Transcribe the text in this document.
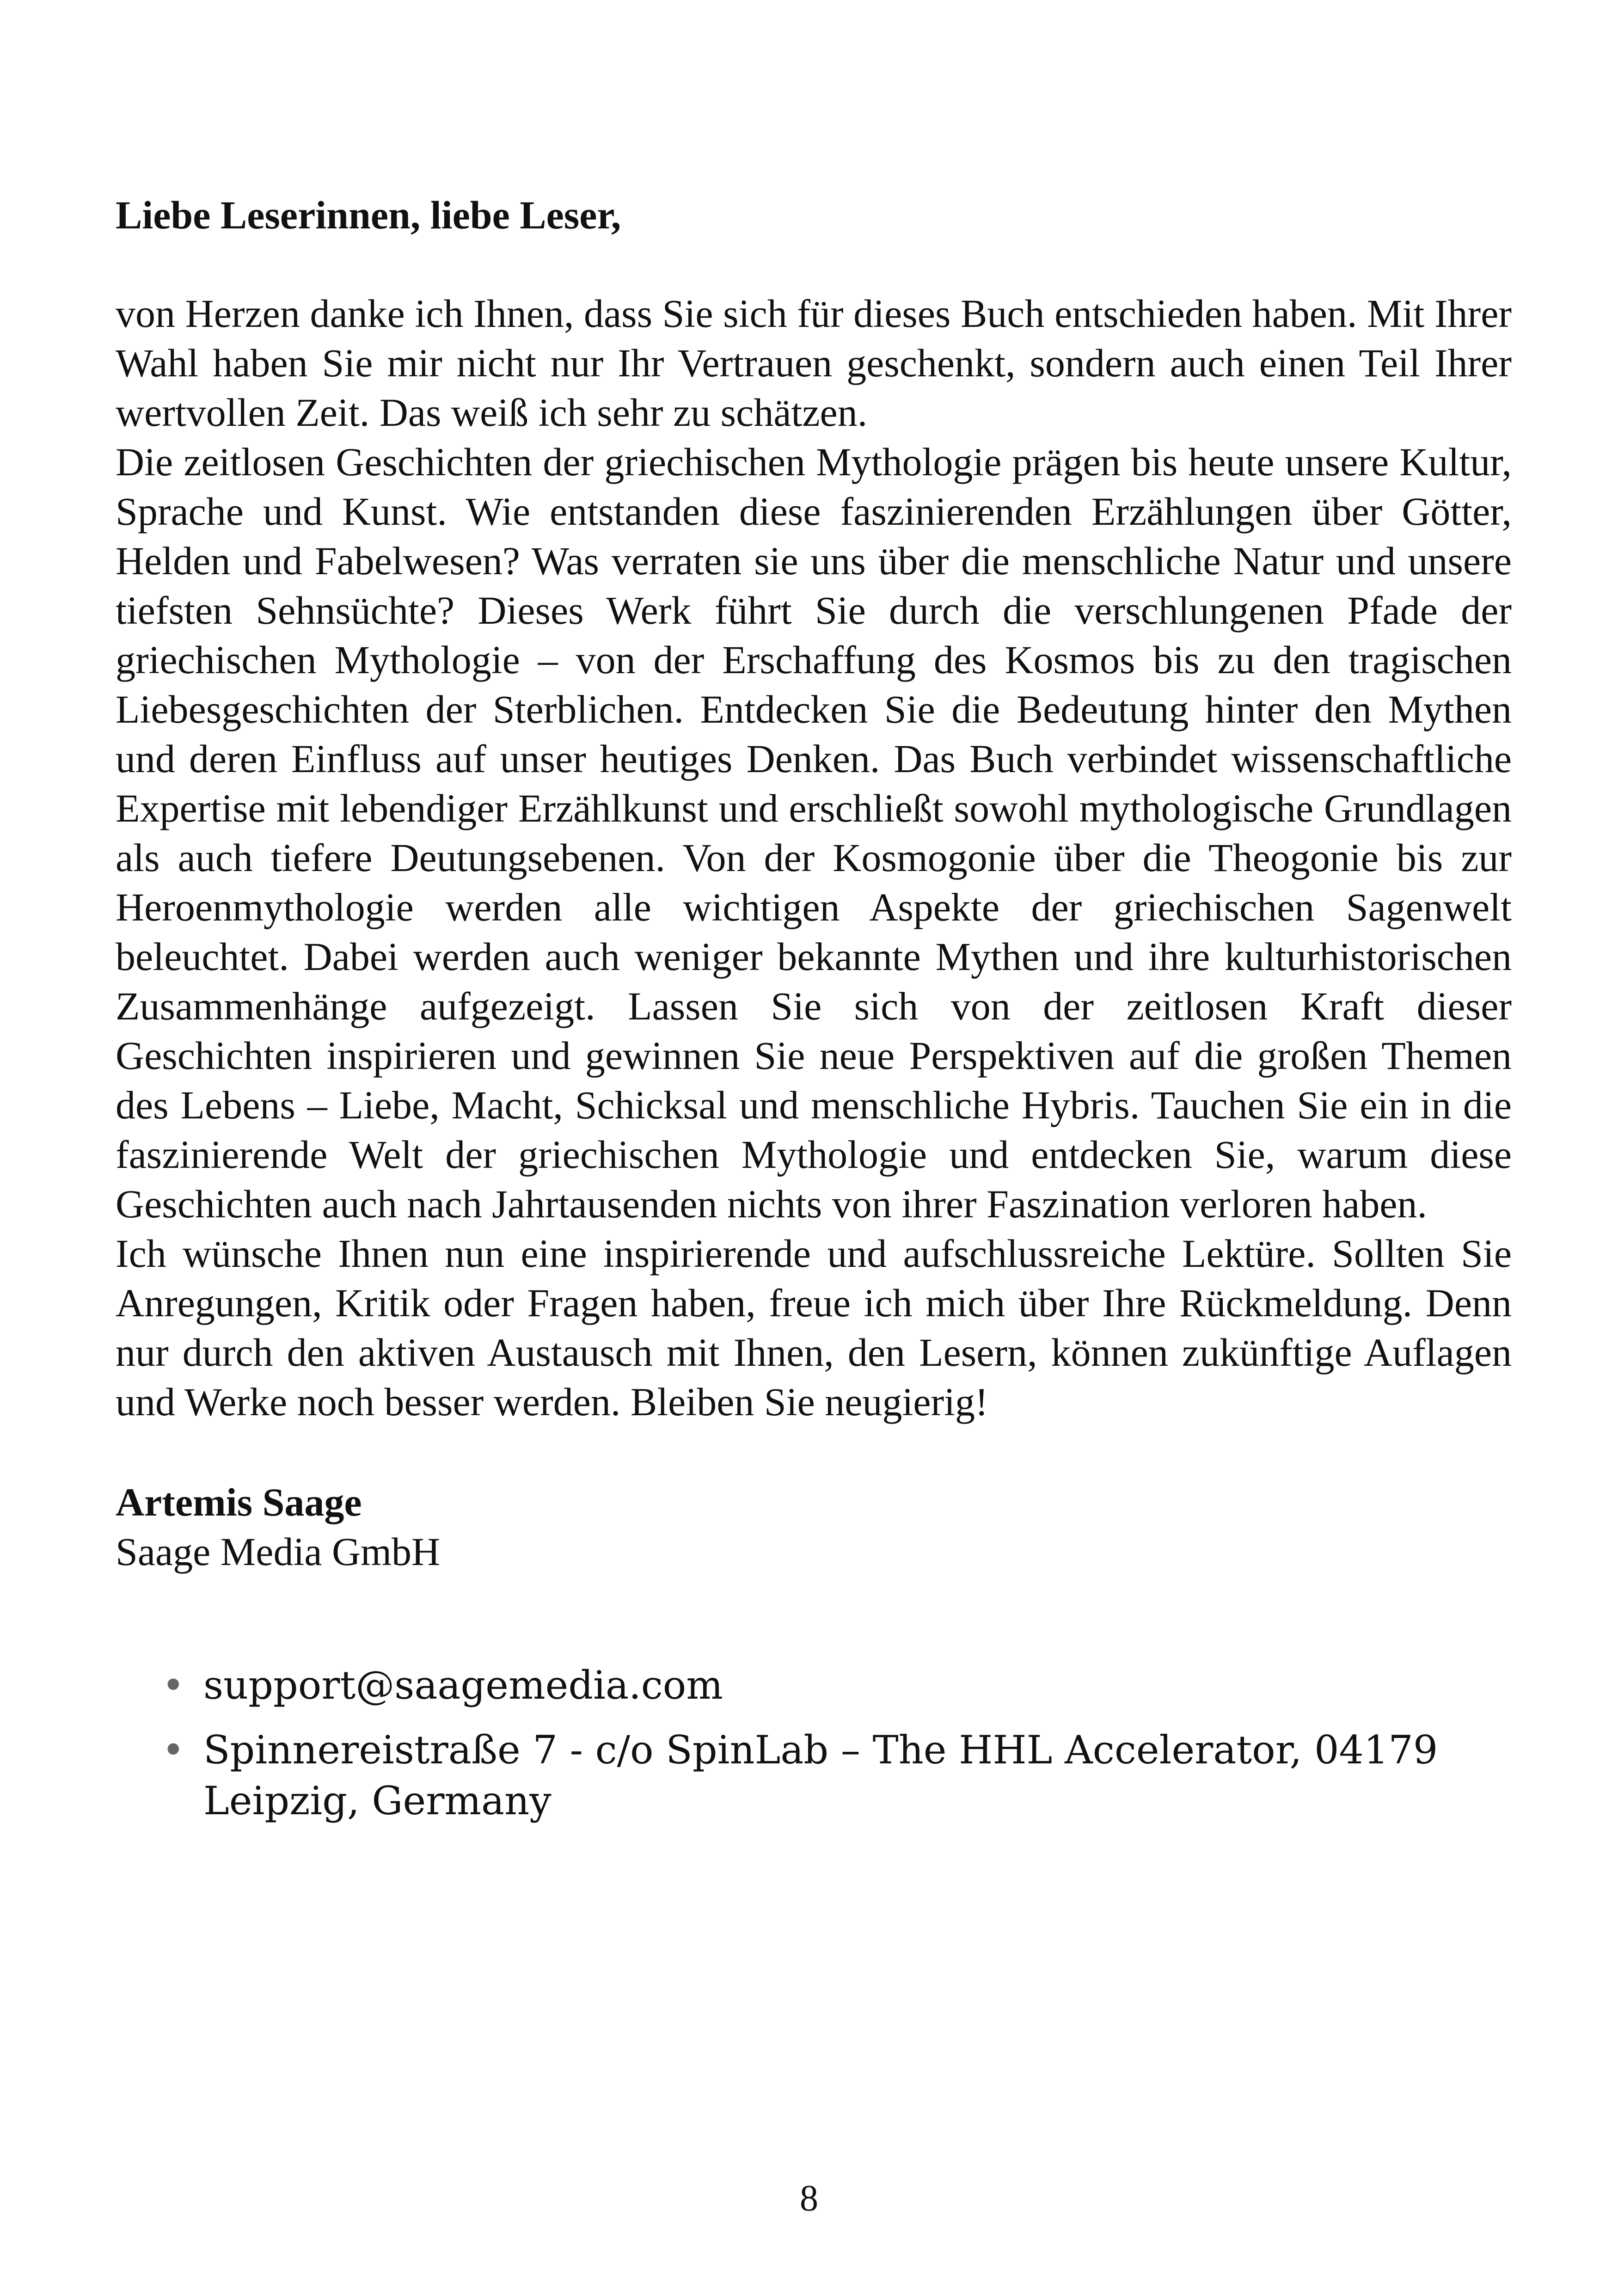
Liebe Leserinnen, liebe Leser,

von Herzen danke ich Ihnen, dass Sie sich für dieses Buch entschieden haben. Mit Ihrer Wahl haben Sie mir nicht nur Ihr Vertrauen geschenkt, sondern auch einen Teil Ihrer wertvollen Zeit. Das weiß ich sehr zu schätzen.

Die zeitlosen Geschichten der griechischen Mythologie prägen bis heute unsere Kultur, Sprache und Kunst. Wie entstanden diese faszinierenden Erzählungen über Götter, Helden und Fabelwesen? Was verraten sie uns über die menschliche Natur und unsere tiefsten Sehnsüchte? Dieses Werk führt Sie durch die verschlungenen Pfade der griechischen Mythologie – von der Erschaffung des Kosmos bis zu den tragischen Liebesgeschichten der Sterblichen. Entdecken Sie die Bedeutung hinter den Mythen und deren Einfluss auf unser heutiges Denken. Das Buch verbindet wissenschaftliche Expertise mit lebendiger Erzählkunst und erschließt sowohl mythologische Grundlagen als auch tiefere Deutungsebenen. Von der Kosmogonie über die Theogonie bis zur Heroenmythologie werden alle wichtigen Aspekte der griechischen Sagenwelt beleuchtet. Dabei werden auch weniger bekannte Mythen und ihre kulturhistorischen Zusammenhänge aufgezeigt. Lassen Sie sich von der zeitlosen Kraft dieser Geschichten inspirieren und gewinnen Sie neue Perspektiven auf die großen Themen des Lebens – Liebe, Macht, Schicksal und menschliche Hybris. Tauchen Sie ein in die faszinierende Welt der griechischen Mythologie und entdecken Sie, warum diese Geschichten auch nach Jahrtausenden nichts von ihrer Faszination verloren haben.

Ich wünsche Ihnen nun eine inspirierende und aufschlussreiche Lektüre. Sollten Sie Anregungen, Kritik oder Fragen haben, freue ich mich über Ihre Rückmeldung. Denn nur durch den aktiven Austausch mit Ihnen, den Lesern, können zukünftige Auflagen und Werke noch besser werden. Bleiben Sie neugierig!

Artemis Saage
Saage Media GmbH
• support@saagemedia.com
• Spinnereistraße 7 - c/o SpinLab – The HHL Accelerator, 04179 Leipzig, Germany
8
